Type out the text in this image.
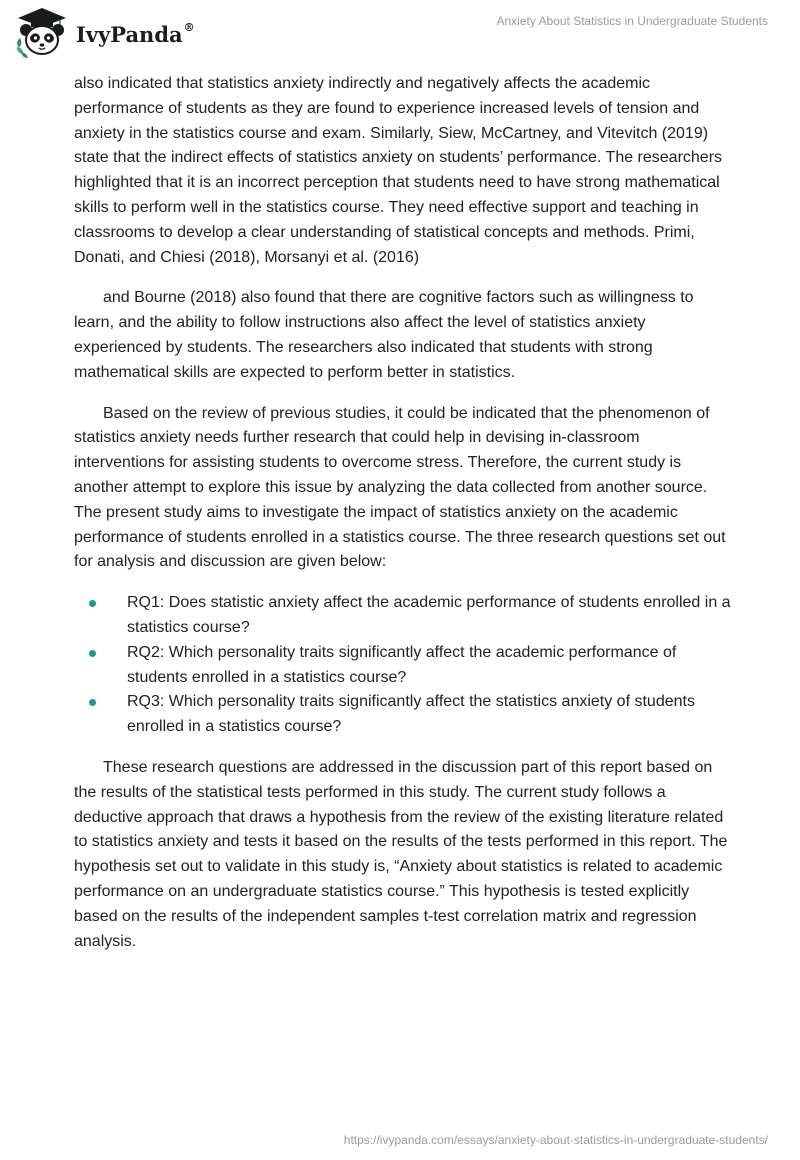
IvyPanda®	Anxiety About Statistics in Undergraduate Students

also indicated that statistics anxiety indirectly and negatively affects the academic performance of students as they are found to experience increased levels of tension and anxiety in the statistics course and exam. Similarly, Siew, McCartney, and Vitevitch (2019) state that the indirect effects of statistics anxiety on students’ performance. The researchers highlighted that it is an incorrect perception that students need to have strong mathematical skills to perform well in the statistics course. They need effective support and teaching in classrooms to develop a clear understanding of statistical concepts and methods. Primi, Donati, and Chiesi (2018), Morsanyi et al. (2016)

and Bourne (2018) also found that there are cognitive factors such as willingness to learn, and the ability to follow instructions also affect the level of statistics anxiety experienced by students. The researchers also indicated that students with strong mathematical skills are expected to perform better in statistics.

Based on the review of previous studies, it could be indicated that the phenomenon of statistics anxiety needs further research that could help in devising in-classroom interventions for assisting students to overcome stress. Therefore, the current study is another attempt to explore this issue by analyzing the data collected from another source. The present study aims to investigate the impact of statistics anxiety on the academic performance of students enrolled in a statistics course. The three research questions set out for analysis and discussion are given below:

RQ1: Does statistic anxiety affect the academic performance of students enrolled in a statistics course?
RQ2: Which personality traits significantly affect the academic performance of students enrolled in a statistics course?
RQ3: Which personality traits significantly affect the statistics anxiety of students enrolled in a statistics course?

These research questions are addressed in the discussion part of this report based on the results of the statistical tests performed in this study. The current study follows a deductive approach that draws a hypothesis from the review of the existing literature related to statistics anxiety and tests it based on the results of the tests performed in this report. The hypothesis set out to validate in this study is, “Anxiety about statistics is related to academic performance on an undergraduate statistics course.” This hypothesis is tested explicitly based on the results of the independent samples t-test correlation matrix and regression analysis.

https://ivypanda.com/essays/anxiety-about-statistics-in-undergraduate-students/
